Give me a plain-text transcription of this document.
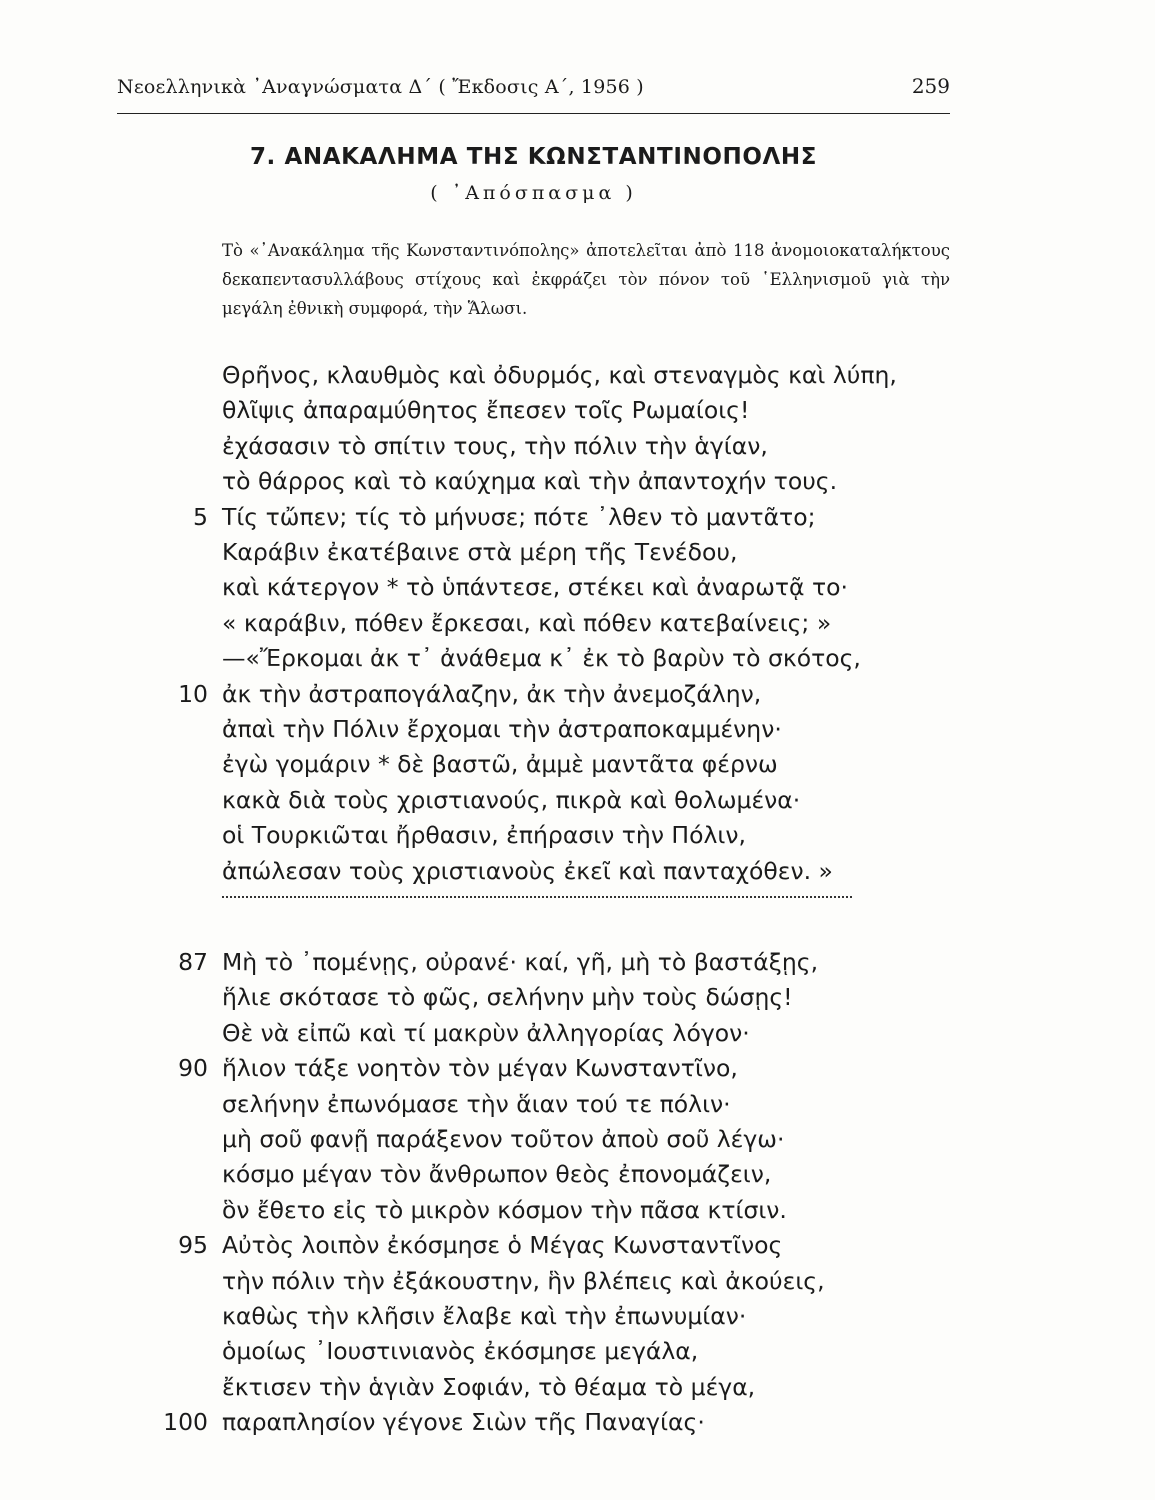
Νεοελληνικὰ ᾿Αναγνώσματα Δ΄ ( Ἔκδοσις Α΄, 1956 )	259
7. ΑΝΑΚΑΛΗΜΑ ΤΗΣ ΚΩΝΣΤΑΝΤΙΝΟΠΟΛΗΣ
( ᾿Απόσπασμα )
Τὸ «᾿Ανακάλημα τῆς Κωνσταντινόπολης» ἀποτελεῖται ἀπὸ 118 ἀνομοιοκαταλήκτους δεκαπεντασυλλάβους στίχους καὶ ἐκφράζει τὸν πόνον τοῦ ῾Ελληνισμοῦ γιὰ τὴν μεγάλη ἐθνικὴ συμφορά, τὴν Ἅλωσι.
Θρῆνος, κλαυθμὸς καὶ ὀδυρμός, καὶ στεναγμὸς καὶ λύπη,
θλῖψις ἀπαραμύθητος ἔπεσεν τοῖς Ρωμαίοις!
ἐχάσασιν τὸ σπίτιν τους, τὴν πόλιν τὴν ἁγίαν,
τὸ θάρρος καὶ τὸ καύχημα καὶ τὴν ἀπαντοχήν τους.
5 Τίς τὤπεν; τίς τὸ μήνυσε; πότε ᾿λθεν τὸ μαντᾶτο;
Καράβιν ἐκατέβαινε στὰ μέρη τῆς Τενέδου,
καὶ κάτεργον * τὸ ὑπάντεσε, στέκει καὶ ἀναρωτᾷ το·
« καράβιν, πόθεν ἔρκεσαι, καὶ πόθεν κατεβαίνεις; »
—«Ἔρκομαι ἀκ τ᾿ ἀνάθεμα κ᾿ ἐκ τὸ βαρὺν τὸ σκότος,
10 ἀκ τὴν ἀστραπογάλαζην, ἀκ τὴν ἀνεμοζάλην,
ἀπαὶ τὴν Πόλιν ἔρχομαι τὴν ἀστραποκαμμένην·
ἐγὼ γομάριν * δὲ βαστῶ, ἀμμὲ μαντᾶτα φέρνω
κακὰ διὰ τοὺς χριστιανούς, πικρὰ καὶ θολωμένα·
οἱ Τουρκιῶται ἤρθασιν, ἐπήρασιν τὴν Πόλιν,
ἀπώλεσαν τοὺς χριστιανοὺς ἐκεῖ καὶ πανταχόθεν. »
87 Μὴ τὸ ᾿πομένῃς, οὐρανέ· καί, γῆ, μὴ τὸ βαστάξῃς,
ἥλιε σκότασε τὸ φῶς, σελήνην μὴν τοὺς δώσῃς!
Θὲ νὰ εἰπῶ καὶ τί μακρὺν ἀλληγορίας λόγον·
90 ἥλιον τάξε νοητὸν τὸν μέγαν Κωνσταντῖνο,
σελήνην ἐπωνόμασε τὴν ἅιαν τού τε πόλιν·
μὴ σοῦ φανῇ παράξενον τοῦτον ἀποὺ σοῦ λέγω·
κόσμο μέγαν τὸν ἄνθρωπον θεὸς ἐπονομάζειν,
ὃν ἔθετο εἰς τὸ μικρὸν κόσμον τὴν πᾶσα κτίσιν.
95 Αὐτὸς λοιπὸν ἐκόσμησε ὁ Μέγας Κωνσταντῖνος
τὴν πόλιν τὴν ἐξάκουστην, ἣν βλέπεις καὶ ἀκούεις,
καθὼς τὴν κλῆσιν ἔλαβε καὶ τὴν ἐπωνυμίαν·
ὁμοίως ᾿Ιουστινιανὸς ἐκόσμησε μεγάλα,
ἔκτισεν τὴν ἁγιὰν Σοφιάν, τὸ θέαμα τὸ μέγα,
100 παραπλησίον γέγονε Σιὼν τῆς Παναγίας·
